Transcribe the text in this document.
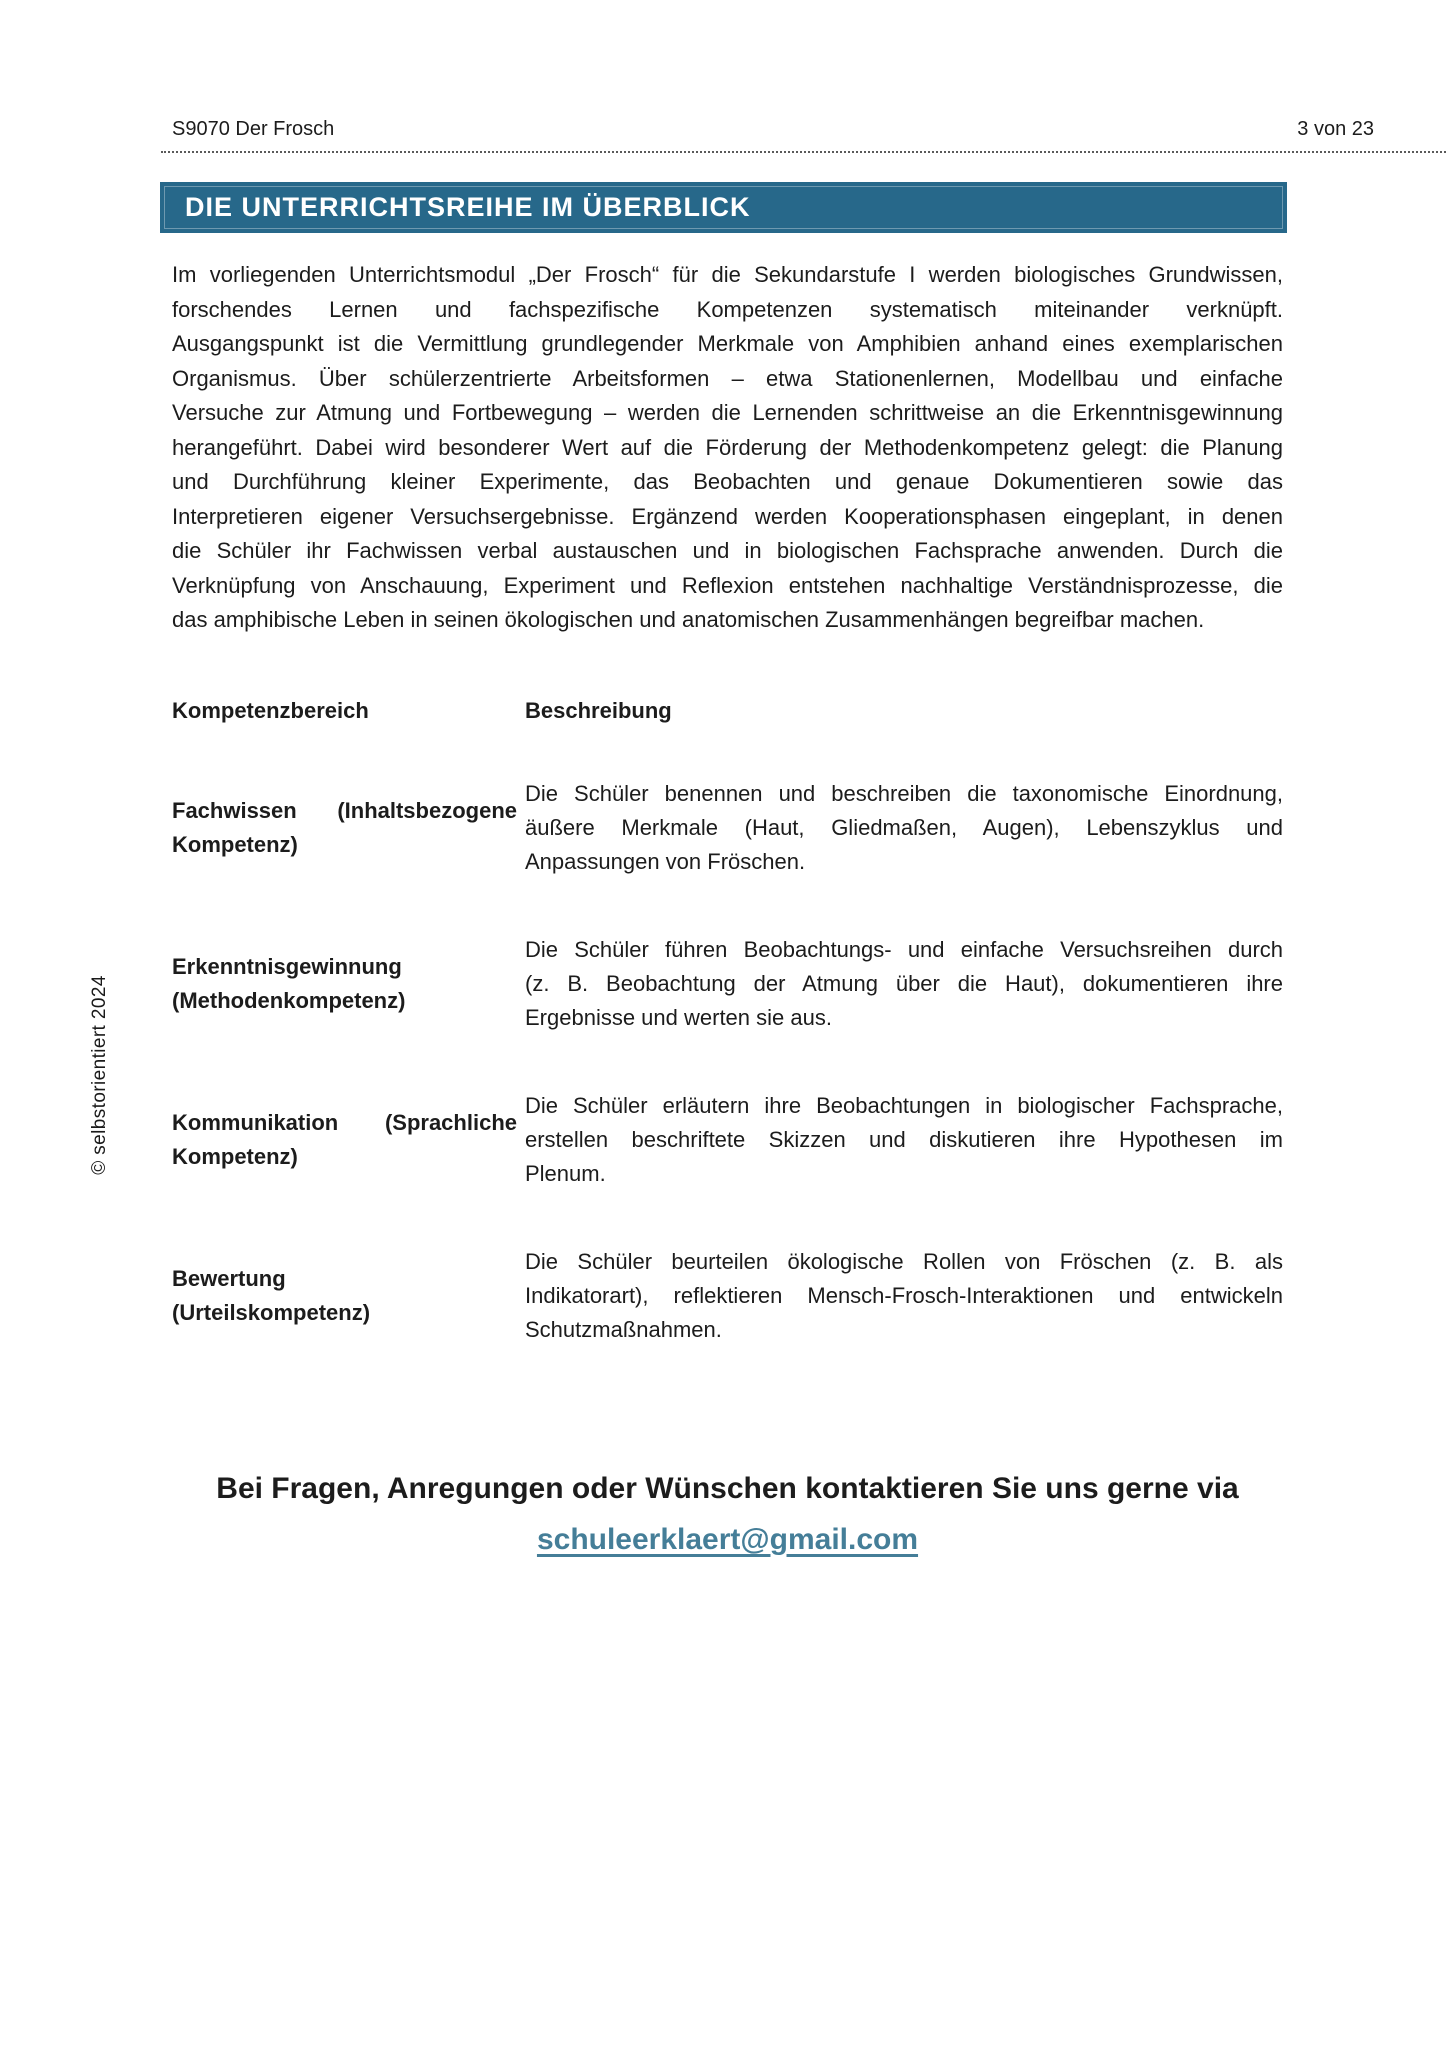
S9070 Der Frosch	3 von 23
DIE UNTERRICHTSREIHE IM ÜBERBLICK
Im vorliegenden Unterrichtsmodul „Der Frosch“ für die Sekundarstufe I werden biologisches Grundwissen,
forschendes Lernen und fachspezifische Kompetenzen systematisch miteinander verknüpft.
Ausgangspunkt ist die Vermittlung grundlegender Merkmale von Amphibien anhand eines exemplarischen
Organismus. Über schülerzentrierte Arbeitsformen – etwa Stationenlernen, Modellbau und einfache
Versuche zur Atmung und Fortbewegung – werden die Lernenden schrittweise an die Erkenntnisgewinnung
herangeführt. Dabei wird besonderer Wert auf die Förderung der Methodenkompetenz gelegt: die Planung
und Durchführung kleiner Experimente, das Beobachten und genaue Dokumentieren sowie das
Interpretieren eigener Versuchsergebnisse. Ergänzend werden Kooperationsphasen eingeplant, in denen
die Schüler ihr Fachwissen verbal austauschen und in biologischen Fachsprache anwenden. Durch die
Verknüpfung von Anschauung, Experiment und Reflexion entstehen nachhaltige Verständnisprozesse, die
das amphibische Leben in seinen ökologischen und anatomischen Zusammenhängen begreifbar machen.
Kompetenzbereich	Beschreibung
Fachwissen (Inhaltsbezogene
Kompetenz)
Die Schüler benennen und beschreiben die taxonomische Einordnung,
äußere Merkmale (Haut, Gliedmaßen, Augen), Lebenszyklus und
Anpassungen von Fröschen.
Erkenntnisgewinnung
(Methodenkompetenz)
Die Schüler führen Beobachtungs- und einfache Versuchsreihen durch
(z. B. Beobachtung der Atmung über die Haut), dokumentieren ihre
Ergebnisse und werten sie aus.
Kommunikation (Sprachliche
Kompetenz)
Die Schüler erläutern ihre Beobachtungen in biologischer Fachsprache,
erstellen beschriftete Skizzen und diskutieren ihre Hypothesen im
Plenum.
Bewertung
(Urteilskompetenz)
Die Schüler beurteilen ökologische Rollen von Fröschen (z. B. als
Indikatorart), reflektieren Mensch-Frosch-Interaktionen und entwickeln
Schutzmaßnahmen.
Bei Fragen, Anregungen oder Wünschen kontaktieren Sie uns gerne via
schuleerklaert@gmail.com
© selbstorientiert 2024
